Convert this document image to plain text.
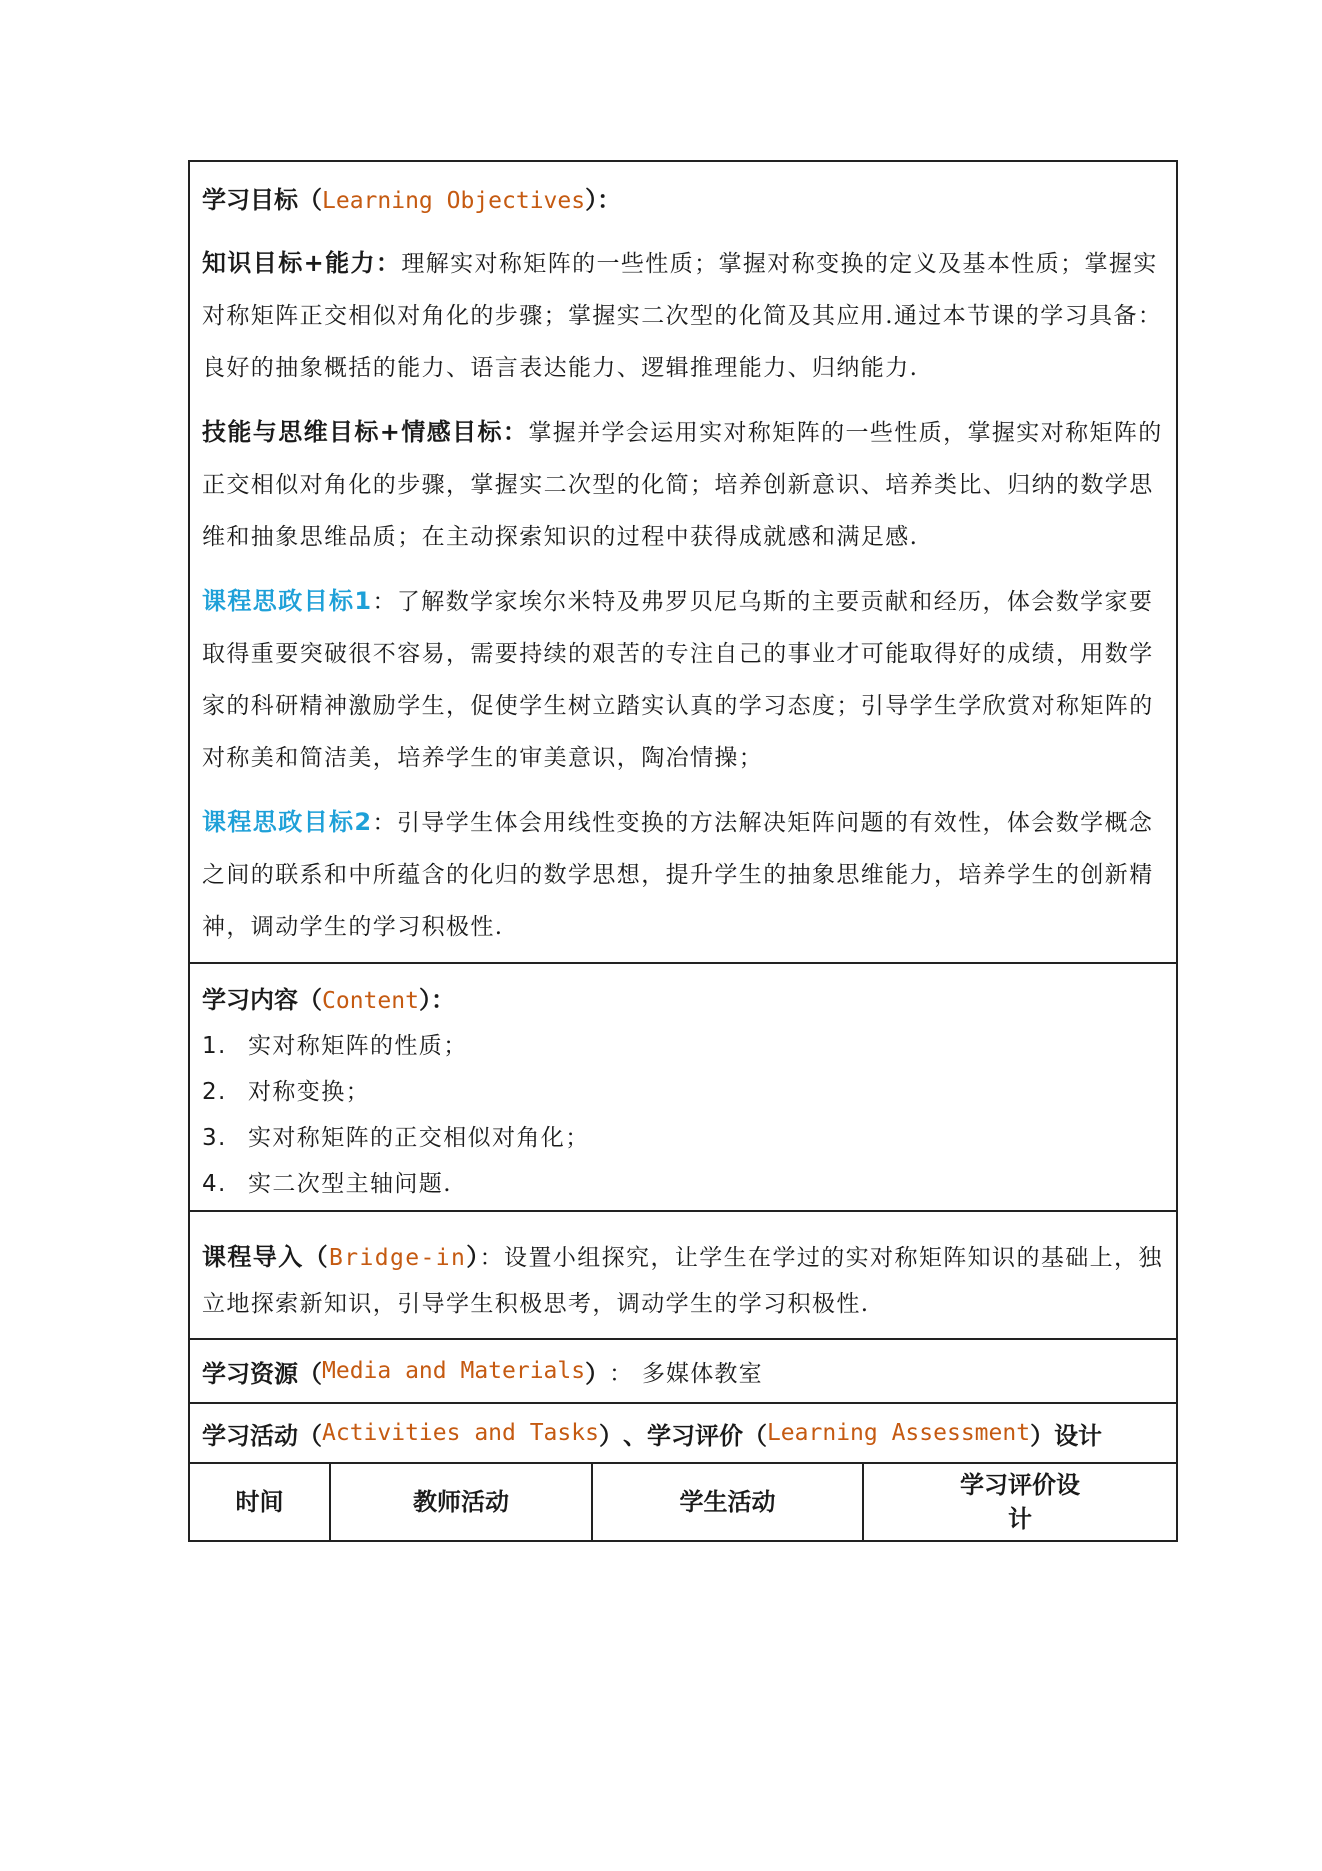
学习目标（Learning Objectives）：

知识目标+能力：理解实对称矩阵的一些性质；掌握对称变换的定义及基本性质；掌握实对称矩阵正交相似对角化的步骤；掌握实二次型的化简及其应用.通过本节课的学习具备：良好的抽象概括的能力、语言表达能力、逻辑推理能力、归纳能力.

技能与思维目标+情感目标：掌握并学会运用实对称矩阵的一些性质，掌握实对称矩阵的正交相似对角化的步骤，掌握实二次型的化简；培养创新意识、培养类比、归纳的数学思维和抽象思维品质；在主动探索知识的过程中获得成就感和满足感.

课程思政目标1：了解数学家埃尔米特及弗罗贝尼乌斯的主要贡献和经历，体会数学家要取得重要突破很不容易，需要持续的艰苦的专注自己的事业才可能取得好的成绩，用数学家的科研精神激励学生，促使学生树立踏实认真的学习态度；引导学生学欣赏对称矩阵的对称美和简洁美，培养学生的审美意识，陶冶情操；

课程思政目标2：引导学生体会用线性变换的方法解决矩阵问题的有效性，体会数学概念之间的联系和中所蕴含的化归的数学思想，提升学生的抽象思维能力，培养学生的创新精神，调动学生的学习积极性.

学习内容（Content）：
1. 实对称矩阵的性质；
2. 对称变换；
3. 实对称矩阵的正交相似对角化；
4. 实二次型主轴问题.

课程导入（Bridge-in）：设置小组探究，让学生在学过的实对称矩阵知识的基础上，独立地探索新知识，引导学生积极思考，调动学生的学习积极性.

学习资源 （ Media and Materials ） ： 多媒体教室
学习活动 （ Activities and Tasks ） 、 学习评价 （ Learning Assessment ） 设计
时间	教师活动	学生活动
学习评价设计
